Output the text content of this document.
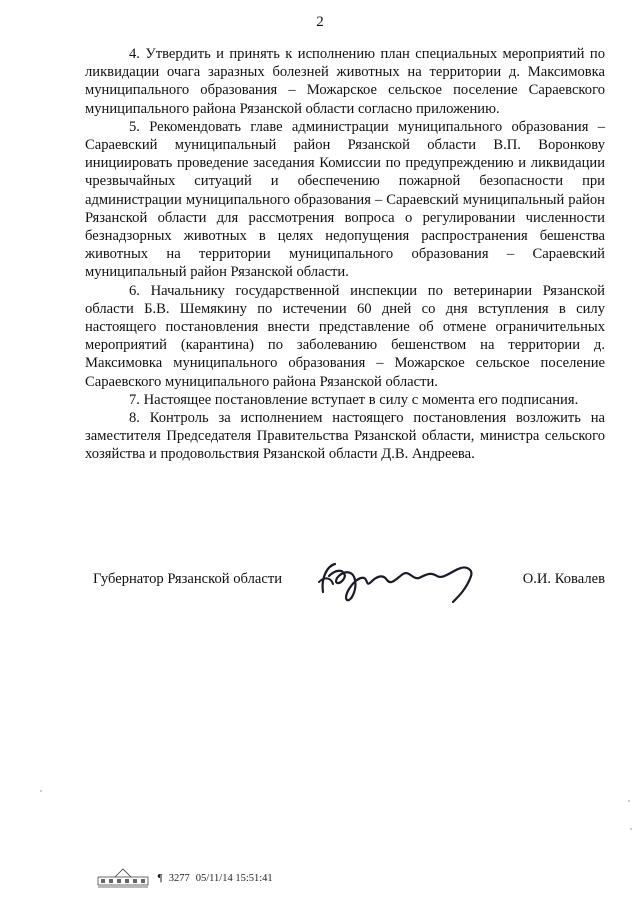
2

4. Утвердить и принять к исполнению план специальных мероприятий по ликвидации очага заразных болезней животных на территории д. Максимовка муниципального образования – Можарское сельское поселение Сараевского муниципального района Рязанской области согласно приложению.

5. Рекомендовать главе администрации муниципального образования – Сараевский муниципальный район Рязанской области В.П. Воронкову инициировать проведение заседания Комиссии по предупреждению и ликвидации чрезвычайных ситуаций и обеспечению пожарной безопасности при администрации муниципального образования – Сараевский муниципальный район Рязанской области для рассмотрения вопроса о регулировании численности безнадзорных животных в целях недопущения распространения бешенства животных на территории муниципального образования – Сараевский муниципальный район Рязанской области.

6. Начальнику государственной инспекции по ветеринарии Рязанской области Б.В. Шемякину по истечении 60 дней со дня вступления в силу настоящего постановления внести представление об отмене ограничительных мероприятий (карантина) по заболеванию бешенством на территории д. Максимовка муниципального образования – Можарское сельское поселение Сараевского муниципального района Рязанской области.

7. Настоящее постановление вступает в силу с момента его подписания.

8. Контроль за исполнением настоящего постановления возложить на заместителя Председателя Правительства Рязанской области, министра сельского хозяйства и продовольствия Рязанской области Д.В. Андреева.

Губернатор Рязанской области	О.И. Ковалев
¶ 3277 05/11/14 15:51:41
